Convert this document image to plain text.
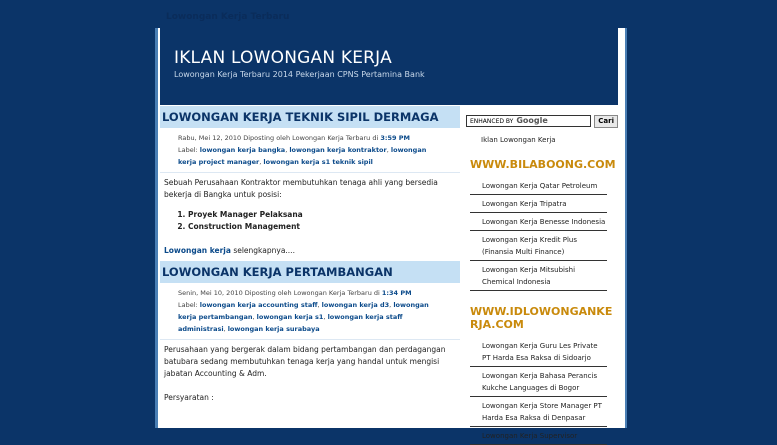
Lowongan Kerja Terbaru
IKLAN LOWONGAN KERJA

Lowongan Kerja Terbaru 2014 Pekerjaan CPNS Pertamina Bank

LOWONGAN KERJA TEKNIK SIPIL DERMAGA
Rabu, Mei 12, 2010 Diposting oleh Lowongan Kerja Terbaru di 3:59 PM
Label: lowongan kerja bangka, lowongan kerja kontraktor, lowongan kerja project manager, lowongan kerja s1 teknik sipil
Sebuah Perusahaan Kontraktor membutuhkan tenaga ahli yang bersedia bekerja di Bangka untuk posisi:
1. Proyek Manager Pelaksana
2. Construction Management
Lowongan kerja selengkapnya....
LOWONGAN KERJA PERTAMBANGAN
Senin, Mei 10, 2010 Diposting oleh Lowongan Kerja Terbaru di 1:34 PM
Label: lowongan kerja accounting staff, lowongan kerja d3, lowongan kerja pertambangan, lowongan kerja s1, lowongan kerja staff administrasi, lowongan kerja surabaya
Perusahaan yang bergerak dalam bidang pertambangan dan perdagangan batubara sedang membutuhkan tenaga kerja yang handal untuk mengisi jabatan Accounting & Adm.

Persyaratan :
ENHANCED BY Google	Cari
Iklan Lowongan Kerja
WWW.BILABOONG.COM
Lowongan Kerja Qatar Petroleum
Lowongan Kerja Tripatra
Lowongan Kerja Benesse Indonesia
Lowongan Kerja Kredit Plus (Finansia Multi Finance)
Lowongan Kerja Mitsubishi Chemical Indonesia
WWW.IDLOWONGANKERJA.COM
Lowongan Kerja Guru Les Private PT Harda Esa Raksa di Sidoarjo
Lowongan Kerja Bahasa Perancis Kukche Languages di Bogor
Lowongan Kerja Store Manager PT Harda Esa Raksa di Denpasar
Lowongan Kerja Supervisor
